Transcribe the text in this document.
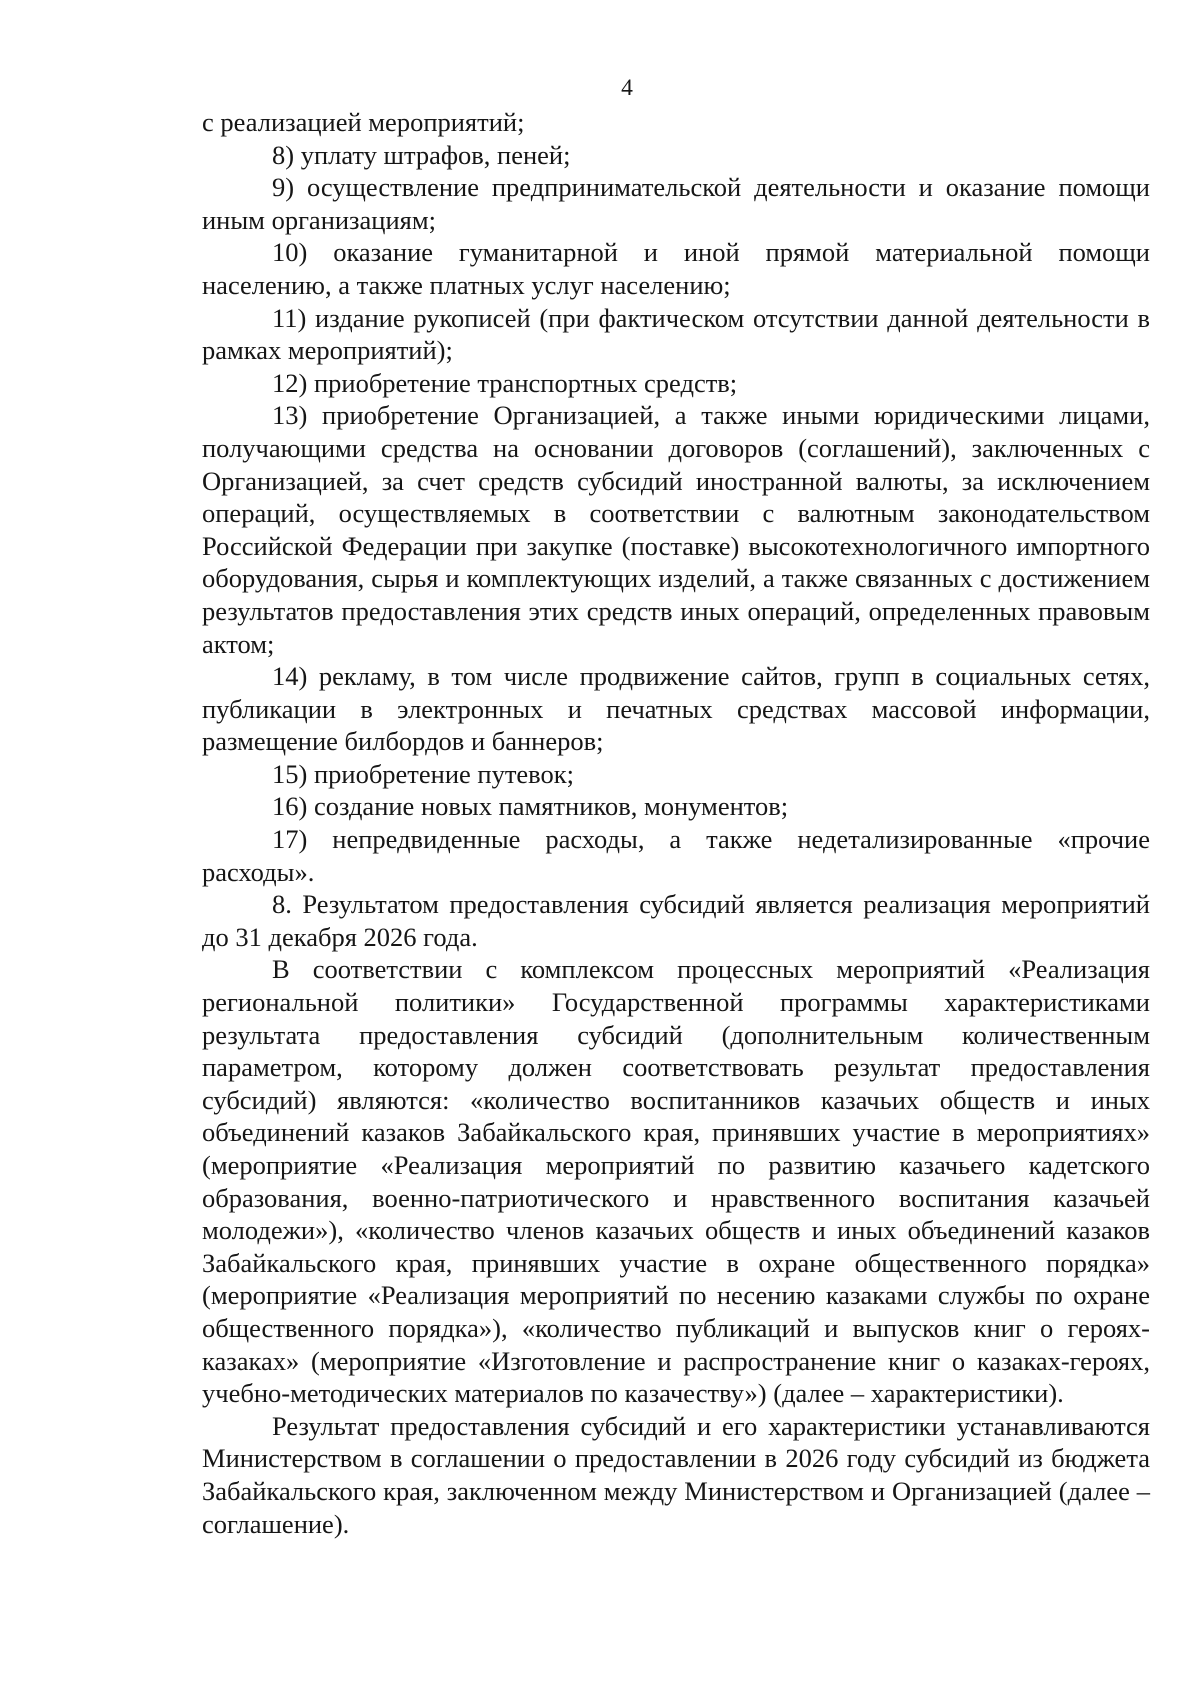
4

с реализацией мероприятий;

8) уплату штрафов, пеней;

9) осуществление предпринимательской деятельности и оказание помощи иным организациям;

10) оказание гуманитарной и иной прямой материальной помощи населению, а также платных услуг населению;

11) издание рукописей (при фактическом отсутствии данной деятельности в рамках мероприятий);

12) приобретение транспортных средств;

13) приобретение Организацией, а также иными юридическими лицами, получающими средства на основании договоров (соглашений), заключенных с Организацией, за счет средств субсидий иностранной валюты, за исключением операций, осуществляемых в соответствии с валютным законодательством Российской Федерации при закупке (поставке) высокотехнологичного импортного оборудования, сырья и комплектующих изделий, а также связанных с достижением результатов предоставления этих средств иных операций, определенных правовым актом;

14) рекламу, в том числе продвижение сайтов, групп в социальных сетях, публикации в электронных и печатных средствах массовой информации, размещение билбордов и баннеров;

15) приобретение путевок;

16) создание новых памятников, монументов;

17) непредвиденные расходы, а также недетализированные «прочие расходы».

8. Результатом предоставления субсидий является реализация мероприятий до 31 декабря 2026 года.

В соответствии с комплексом процессных мероприятий «Реализация региональной политики» Государственной программы характеристиками результата предоставления субсидий (дополнительным количественным параметром, которому должен соответствовать результат предоставления субсидий) являются: «количество воспитанников казачьих обществ и иных объединений казаков Забайкальского края, принявших участие в мероприятиях» (мероприятие «Реализация мероприятий по развитию казачьего кадетского образования, военно-патриотического и нравственного воспитания казачьей молодежи»), «количество членов казачьих обществ и иных объединений казаков Забайкальского края, принявших участие в охране общественного порядка» (мероприятие «Реализация мероприятий по несению казаками службы по охране общественного порядка»), «количество публикаций и выпусков книг о героях-казаках» (мероприятие «Изготовление и распространение книг о казаках-героях, учебно-методических материалов по казачеству») (далее – характеристики).

Результат предоставления субсидий и его характеристики устанавливаются Министерством в соглашении о предоставлении в 2026 году субсидий из бюджета Забайкальского края, заключенном между Министерством и Организацией (далее – соглашение).
